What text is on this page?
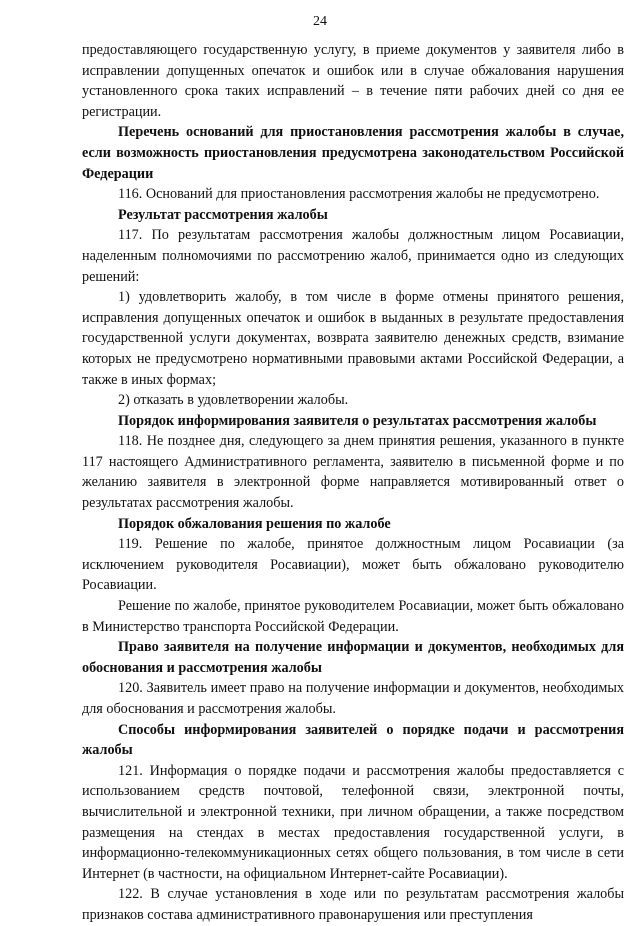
24

предоставляющего государственную услугу, в приеме документов у заявителя либо в исправлении допущенных опечаток и ошибок или в случае обжалования нарушения установленного срока таких исправлений – в течение пяти рабочих дней со дня ее регистрации.

Перечень оснований для приостановления рассмотрения жалобы в случае, если возможность приостановления предусмотрена законодательством Российской Федерации

116. Оснований для приостановления рассмотрения жалобы не предусмотрено.

Результат рассмотрения жалобы

117. По результатам рассмотрения жалобы должностным лицом Росавиации, наделенным полномочиями по рассмотрению жалоб, принимается одно из следующих решений:

1) удовлетворить жалобу, в том числе в форме отмены принятого решения, исправления допущенных опечаток и ошибок в выданных в результате предоставления государственной услуги документах, возврата заявителю денежных средств, взимание которых не предусмотрено нормативными правовыми актами Российской Федерации, а также в иных формах;

2) отказать в удовлетворении жалобы.

Порядок информирования заявителя о результатах рассмотрения жалобы

118. Не позднее дня, следующего за днем принятия решения, указанного в пункте 117 настоящего Административного регламента, заявителю в письменной форме и по желанию заявителя в электронной форме направляется мотивированный ответ о результатах рассмотрения жалобы.

Порядок обжалования решения по жалобе

119. Решение по жалобе, принятое должностным лицом Росавиации (за исключением руководителя Росавиации), может быть обжаловано руководителю Росавиации.

Решение по жалобе, принятое руководителем Росавиации, может быть обжаловано в Министерство транспорта Российской Федерации.

Право заявителя на получение информации и документов, необходимых для обоснования и рассмотрения жалобы

120. Заявитель имеет право на получение информации и документов, необходимых для обоснования и рассмотрения жалобы.

Способы информирования заявителей о порядке подачи и рассмотрения жалобы

121. Информация о порядке подачи и рассмотрения жалобы предоставляется с использованием средств почтовой, телефонной связи, электронной почты, вычислительной и электронной техники, при личном обращении, а также посредством размещения на стендах в местах предоставления государственной услуги, в информационно-телекоммуникационных сетях общего пользования, в том числе в сети Интернет (в частности, на официальном Интернет-сайте Росавиации).

122. В случае установления в ходе или по результатам рассмотрения жалобы признаков состава административного правонарушения или преступления
